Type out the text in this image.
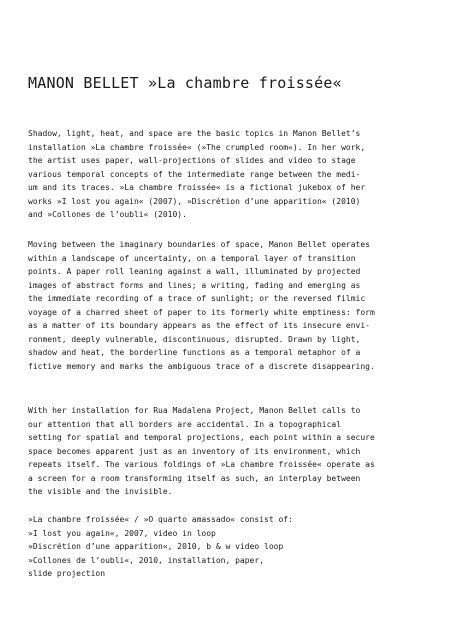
MANON BELLET »La chambre froissée«
Shadow, light, heat, and space are the basic topics in Manon Bellet’s
installation »La chambre froissée« (»The crumpled room«). In her work,
the artist uses paper, wall-projections of slides and video to stage
various temporal concepts of the intermediate range between the medi-
um and its traces. »La chambre froissée« is a fictional jukebox of her
works »I lost you again« (2007), »Discrétion d’une apparition« (2010)
and »Collones de l’oubli« (2010).
Moving between the imaginary boundaries of space, Manon Bellet operates
within a landscape of uncertainty, on a temporal layer of transition
points. A paper roll leaning against a wall, illuminated by projected
images of abstract forms and lines; a writing, fading and emerging as
the immediate recording of a trace of sunlight; or the reversed filmic
voyage of a charred sheet of paper to its formerly white emptiness: form
as a matter of its boundary appears as the effect of its insecure envi-
ronment, deeply vulnerable, discontinuous, disrupted. Drawn by light,
shadow and heat, the borderline functions as a temporal metaphor of a
fictive memory and marks the ambiguous trace of a discrete disappearing.
With her installation for Rua Madalena Project, Manon Bellet calls to
our attention that all borders are accidental. In a topographical
setting for spatial and temporal projections, each point within a secure
space becomes apparent just as an inventory of its environment, which
repeats itself. The various foldings of »La chambre froissée« operate as
a screen for a room transforming itself as such, an interplay between
the visible and the invisible.
»La chambre froissée« / »O quarto amassado« consist of:
»I lost you again«, 2007, video in loop
»Discrétion d’une apparition«, 2010, b & w video loop
»Collones de l’oubli«, 2010, installation, paper,
slide projection
